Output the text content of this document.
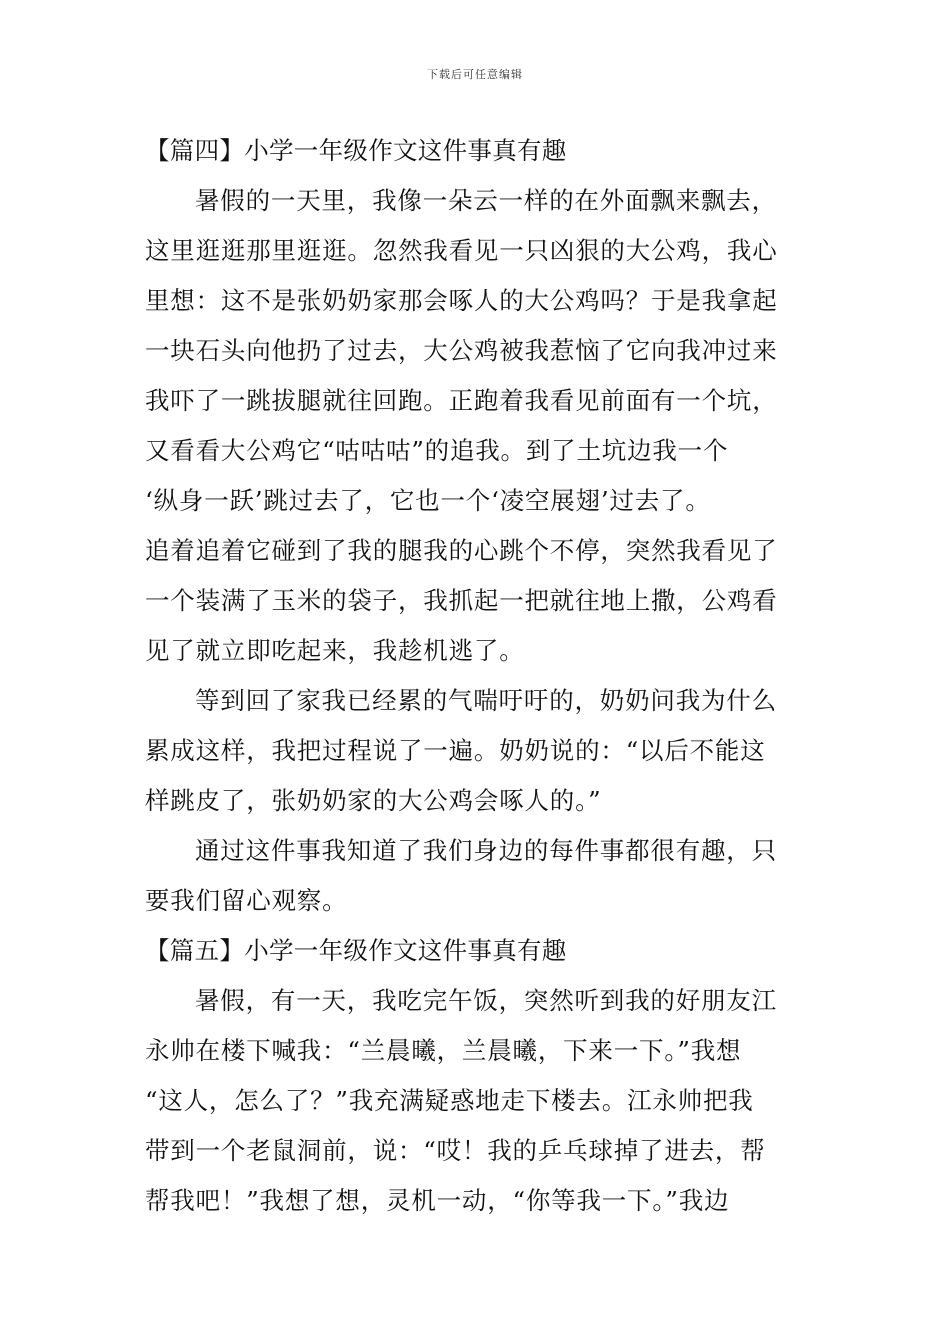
下载后可任意编辑
【篇四】小学一年级作文这件事真有趣
暑假的一天里，我像一朵云一样的在外面飘来飘去，
这里逛逛那里逛逛。忽然我看见一只凶狠的大公鸡，我心
里想：这不是张奶奶家那会啄人的大公鸡吗？于是我拿起
一块石头向他扔了过去，大公鸡被我惹恼了它向我冲过来
我吓了一跳拔腿就往回跑。正跑着我看见前面有一个坑，
又看看大公鸡它“咕咕咕”的追我。到了土坑边我一个
‘纵身一跃’跳过去了，它也一个‘凌空展翅’过去了。
追着追着它碰到了我的腿我的心跳个不停，突然我看见了
一个装满了玉米的袋子，我抓起一把就往地上撒，公鸡看
见了就立即吃起来，我趁机逃了。
等到回了家我已经累的气喘吁吁的，奶奶问我为什么
累成这样，我把过程说了一遍。奶奶说的：“以后不能这
样跳皮了，张奶奶家的大公鸡会啄人的。”
通过这件事我知道了我们身边的每件事都很有趣，只
要我们留心观察。
【篇五】小学一年级作文这件事真有趣
暑假，有一天，我吃完午饭，突然听到我的好朋友江
永帅在楼下喊我：“兰晨曦，兰晨曦，下来一下。”我想
“这人，怎么了？”我充满疑惑地走下楼去。江永帅把我
带到一个老鼠洞前，说：“哎！我的乒乓球掉了进去，帮
帮我吧！”我想了想，灵机一动，“你等我一下。”我边
